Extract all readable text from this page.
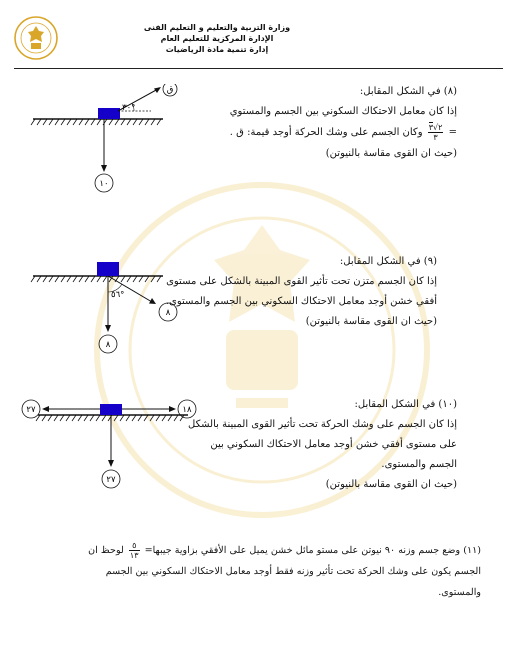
وزارة التربية والتعليم و التعليم الفنى
الإدارة المركزية للتعليم العام
إدارة تنمية مادة الرياضيات
٣٠°
ق
١٠
(٨) في الشكل المقابل:
إذا كان معامل الاحتكاك السكوني بين الجسم والمستوي
=
$\frac{٢√٣}{٣}$
وكان الجسم على وشك الحركة أوجد قيمة: ق .
(حيث ان القوى مقاسة بالنيوتن)
٥٦°
٨
٨
(٩) في الشكل المقابل:
إذا كان الجسم متزن تحت تأثير القوى المبينة بالشكل على مستوى
أفقي خشن أوجد معامل الاحتكاك السكوني بين الجسم والمستوى.
(حيث ان القوى مقاسة بالنيوتن)
٢٧	١٨
٢٧
(١٠) في الشكل المقابل:
إذا كان الجسم على وشك الحركة تحت تأثير القوى المبينة بالشكل
على مستوى أفقي خشن أوجد معامل الاحتكاك السكوني بين
الجسم والمستوى.
(حيث ان القوى مقاسة بالنيوتن)
(١١) وضع جسم وزنه ٩٠ نيوتن على مستو مائل خشن يميل على الأفقي بزاوية جيبها=
$\frac{٥}{١٣}$
لوحظ ان
الجسم يكون على وشك الحركة تحت تأثير وزنه فقط أوجد معامل الاحتكاك السكوني بين الجسم
والمستوى.
